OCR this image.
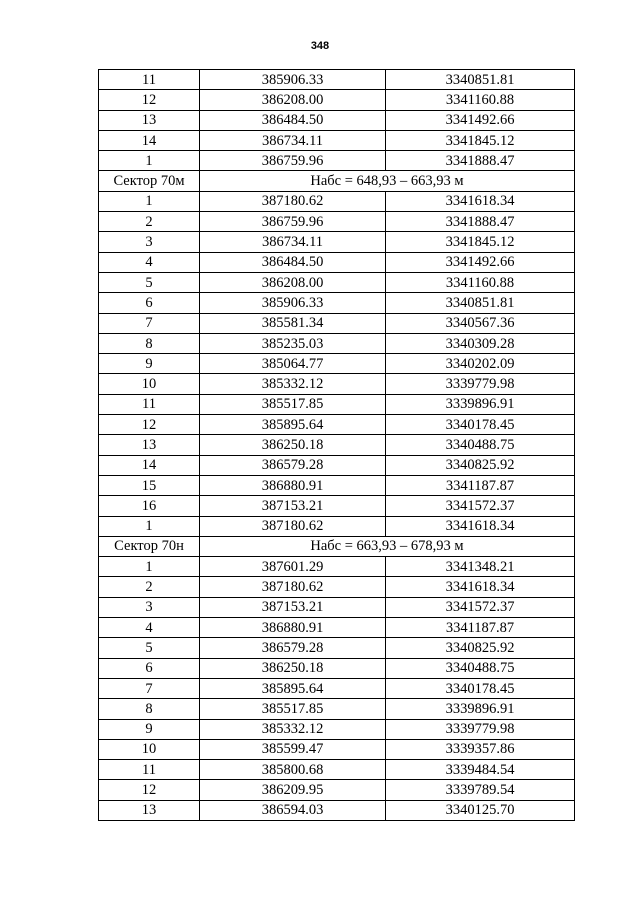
348
11	385906.33	3340851.81
12	386208.00	3341160.88
13	386484.50	3341492.66
14	386734.11	3341845.12
1	386759.96	3341888.47
Сектор 70м	Набс = 648,93 – 663,93 м	
1	387180.62	3341618.34
2	386759.96	3341888.47
3	386734.11	3341845.12
4	386484.50	3341492.66
5	386208.00	3341160.88
6	385906.33	3340851.81
7	385581.34	3340567.36
8	385235.03	3340309.28
9	385064.77	3340202.09
10	385332.12	3339779.98
11	385517.85	3339896.91
12	385895.64	3340178.45
13	386250.18	3340488.75
14	386579.28	3340825.92
15	386880.91	3341187.87
16	387153.21	3341572.37
1	387180.62	3341618.34
Сектор 70н	Набс = 663,93 – 678,93 м	
1	387601.29	3341348.21
2	387180.62	3341618.34
3	387153.21	3341572.37
4	386880.91	3341187.87
5	386579.28	3340825.92
6	386250.18	3340488.75
7	385895.64	3340178.45
8	385517.85	3339896.91
9	385332.12	3339779.98
10	385599.47	3339357.86
11	385800.68	3339484.54
12	386209.95	3339789.54
13	386594.03	3340125.70
